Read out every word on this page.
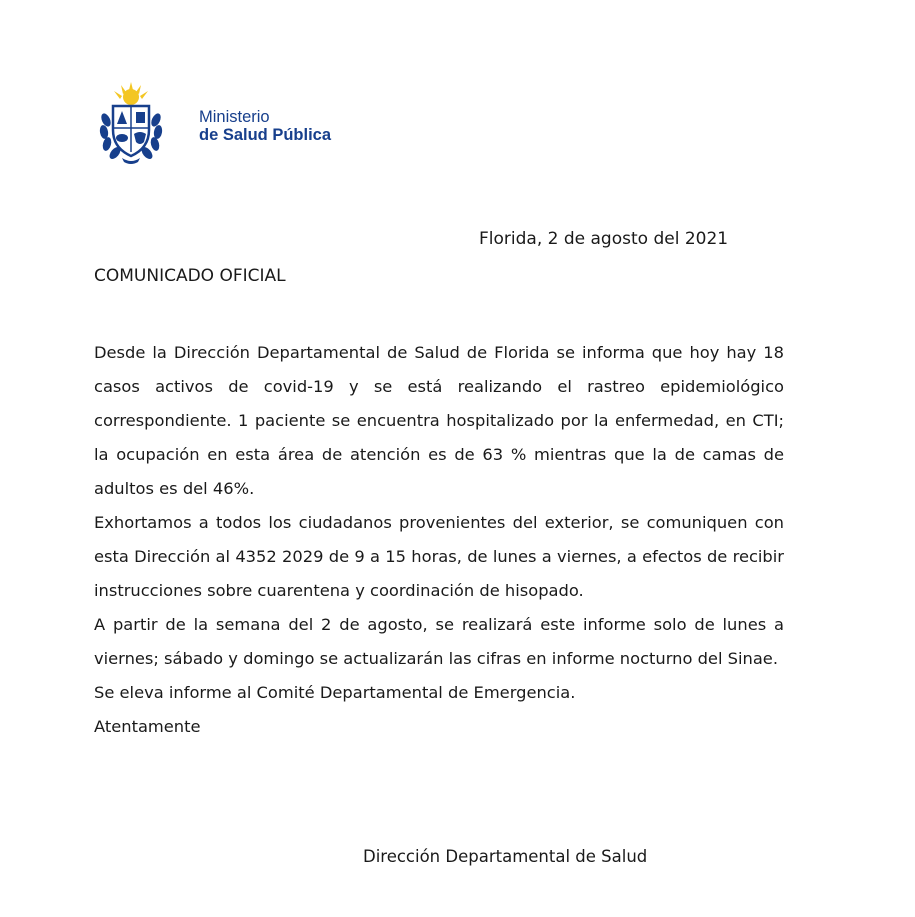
Ministerio
de Salud Pública
Florida, 2 de agosto del 2021
COMUNICADO OFICIAL

Desde la Dirección Departamental de Salud de Florida se informa que hoy hay 18 casos activos de covid-19 y se está realizando el rastreo epidemiológico correspondiente. 1 paciente se encuentra hospitalizado por la enfermedad, en CTI; la ocupación en esta área de atención es de 63 % mientras que la de camas de adultos es del 46%.

Exhortamos a todos los ciudadanos provenientes del exterior, se comuniquen con esta Dirección al 4352 2029 de 9 a 15 horas, de lunes a viernes, a efectos de recibir instrucciones sobre cuarentena y coordinación de hisopado.

A partir de la semana del 2 de agosto, se realizará este informe solo de lunes a viernes; sábado y domingo se actualizarán las cifras en informe nocturno del Sinae.

Se eleva informe al Comité Departamental de Emergencia.

Atentamente

Dirección Departamental de Salud
